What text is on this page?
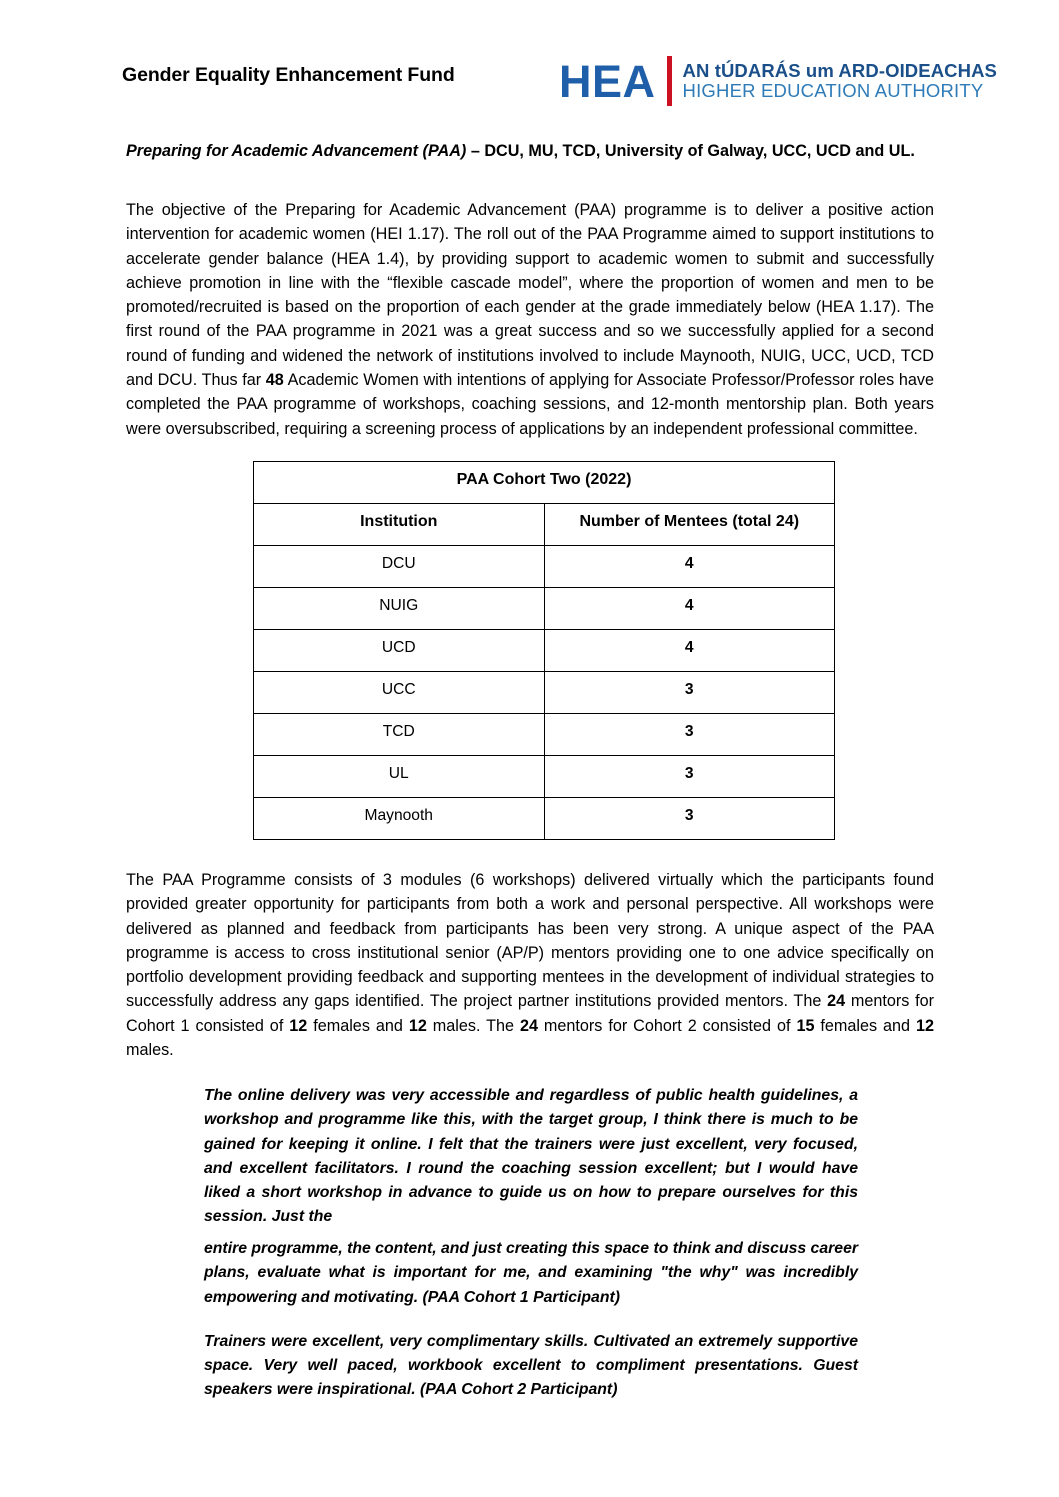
Gender Equality Enhancement Fund HEA	AN tÚDARÁS um ARD-OIDEACHAS
HIGHER EDUCATION AUTHORITY
Preparing for Academic Advancement (PAA) – DCU, MU, TCD, University of Galway, UCC, UCD and UL.

The objective of the Preparing for Academic Advancement (PAA) programme is to deliver a positive action intervention for academic women (HEI 1.17). The roll out of the PAA Programme aimed to support institutions to accelerate gender balance (HEA 1.4), by providing support to academic women to submit and successfully achieve promotion in line with the “flexible cascade model”, where the proportion of women and men to be promoted/recruited is based on the proportion of each gender at the grade immediately below (HEA 1.17). The first round of the PAA programme in 2021 was a great success and so we successfully applied for a second round of funding and widened the network of institutions involved to include Maynooth, NUIG, UCC, UCD, TCD and DCU. Thus far 48 Academic Women with intentions of applying for Associate Professor/Professor roles have completed the PAA programme of workshops, coaching sessions, and 12-month mentorship plan. Both years were oversubscribed, requiring a screening process of applications by an independent professional committee.

PAA Cohort Two (2022)	
Institution	Number of Mentees (total 24)
DCU	4
NUIG	4
UCD	4
UCC	3
TCD	3
UL	3
Maynooth	3

The PAA Programme consists of 3 modules (6 workshops) delivered virtually which the participants found provided greater opportunity for participants from both a work and personal perspective. All workshops were delivered as planned and feedback from participants has been very strong. A unique aspect of the PAA programme is access to cross institutional senior (AP/P) mentors providing one to one advice specifically on portfolio development providing feedback and supporting mentees in the development of individual strategies to successfully address any gaps identified. The project partner institutions provided mentors. The 24 mentors for Cohort 1 consisted of 12 females and 12 males. The 24 mentors for Cohort 2 consisted of 15 females and 12 males.

The online delivery was very accessible and regardless of public health guidelines, a workshop and programme like this, with the target group, I think there is much to be gained for keeping it online. I felt that the trainers were just excellent, very focused, and excellent facilitators. I round the coaching session excellent; but I would have liked a short workshop in advance to guide us on how to prepare ourselves for this session. Just the

entire programme, the content, and just creating this space to think and discuss career plans, evaluate what is important for me, and examining "the why" was incredibly empowering and motivating. (PAA Cohort 1 Participant)

Trainers were excellent, very complimentary skills. Cultivated an extremely supportive space. Very well paced, workbook excellent to compliment presentations. Guest speakers were inspirational. (PAA Cohort 2 Participant)
